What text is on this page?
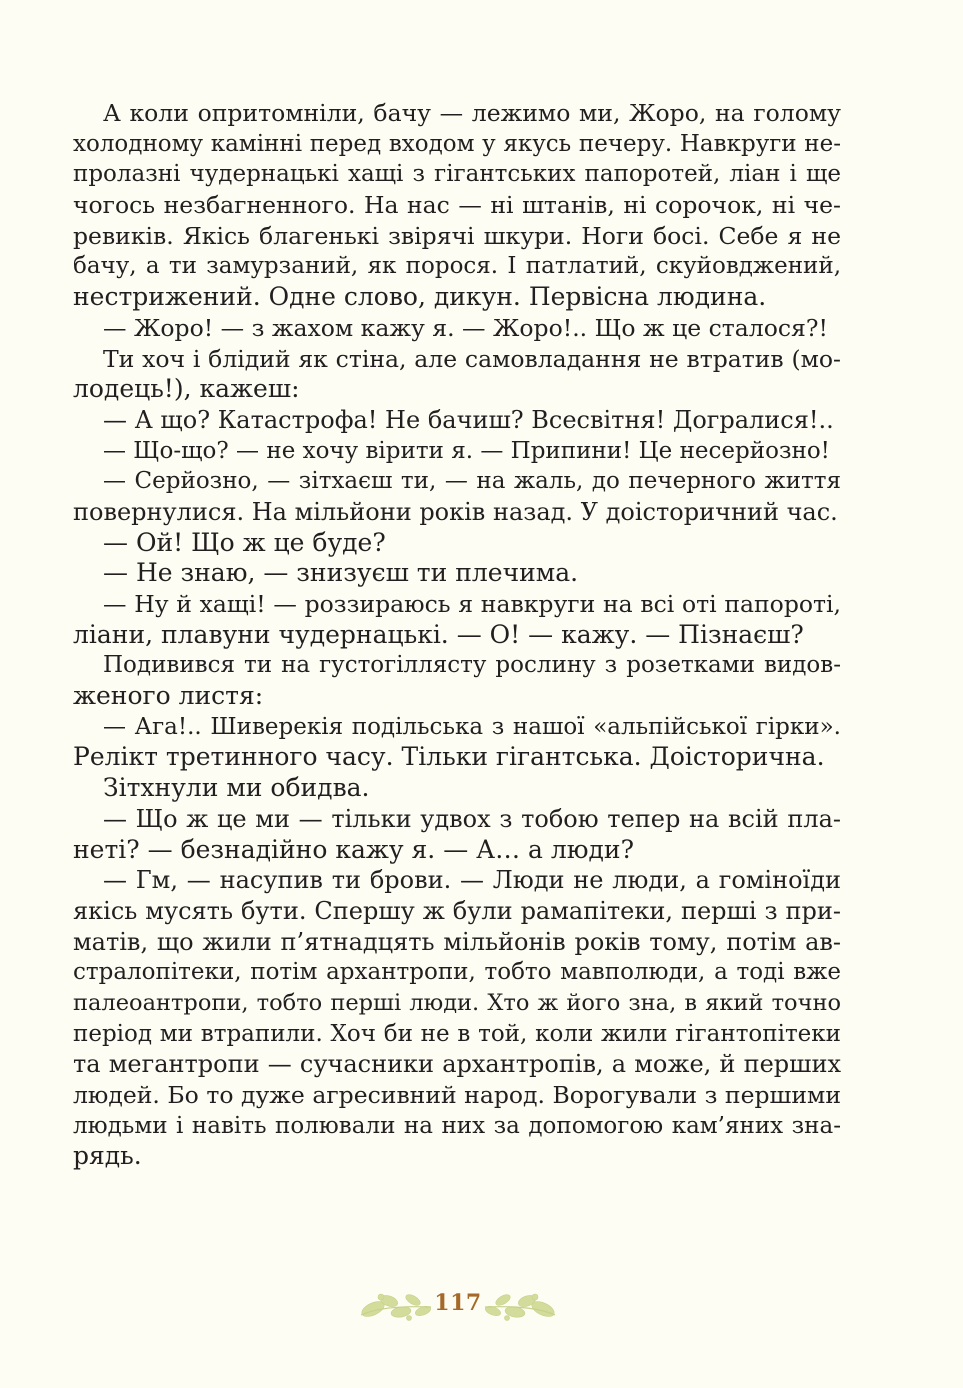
А коли опритомніли, бачу — лежимо ми, Жоро, на голому
холодному камінні перед входом у якусь печеру. Навкруги не-
пролазні чудернацькі хащі з гігантських папоротей, ліан і ще
чогось незбагненного. На нас — ні штанів, ні сорочок, ні че-
ревиків. Якісь благенькі звірячі шкури. Ноги босі. Себе я не
бачу, а ти замурзаний, як порося. І патлатий, скуйовджений,
нестрижений. Одне слово, дикун. Первісна людина.
— Жоро! — з жахом кажу я. — Жоро!.. Що ж це сталося?!
Ти хоч і блідий як стіна, але самовладання не втратив (мо-
лодець!), кажеш:
— А що? Катастрофа! Не бачиш? Всесвітня! Догралися!..
— Що-що? — не хочу вірити я. — Припини! Це несерйозно!
— Серйозно, — зітхаєш ти, — на жаль, до печерного життя
повернулися. На мільйони років назад. У доісторичний час.
— Ой! Що ж це буде?
— Не знаю, — знизуєш ти плечима.
— Ну й хащі! — роззираюсь я навкруги на всі оті папороті,
ліани, плавуни чудернацькі. — О! — кажу. — Пізнаєш?
Подивився ти на густогіллясту рослину з розетками видов-
женого листя:
— Ага!.. Шиверекія подільська з нашої «альпійської гірки».
Релікт третинного часу. Тільки гігантська. Доісторична.
Зітхнули ми обидва.
— Що ж це ми — тільки удвох з тобою тепер на всій пла-
неті? — безнадійно кажу я. — А… а люди?
— Гм, — насупив ти брови. — Люди не люди, а гоміноїди
якісь мусять бути. Спершу ж були рамапітеки, перші з при-
матів, що жили п’ятнадцять мільйонів років тому, потім ав-
стралопітеки, потім архантропи, тобто мавполюди, а тоді вже
палеоантропи, тобто перші люди. Хто ж його зна, в який точно
період ми втрапили. Хоч би не в той, коли жили гігантопітеки
та мегантропи — сучасники архантропів, а може, й перших
людей. Бо то дуже агресивний народ. Ворогували з першими
людьми і навіть полювали на них за допомогою кам’яних зна-
рядь.
117
